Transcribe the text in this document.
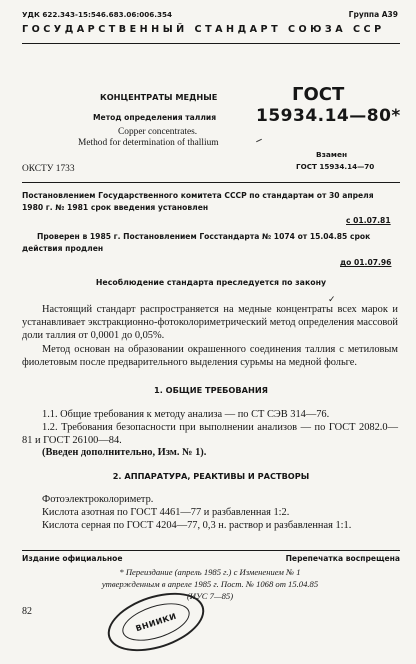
УДК 622.343-15:546.683.06:006.354	Группа А39
ГОСУДАРСТВЕННЫЙ СТАНДАРТ СОЮЗА ССР
КОНЦЕНТРАТЫ МЕДНЫЕ
Метод определения таллия
Copper concentrates.
Method for determination of thallium
ГОСТ
15934.14—80*
Взамен
ГОСТ 15934.14—70
ОКСТУ 1733
Постановлением Государственного комитета СССР по стандартам от 30 апреля
1980 г. № 1981 срок введения установлен
с 01.07.81
Проверен в 1985 г. Постановлением Госстандарта № 1074 от 15.04.85 срок
действия продлен
до 01.07.96
Несоблюдение стандарта преследуется по закону
✓
Настоящий стандарт распространяется на медные концентраты всех марок и устанавливает экстракционно-фотоколориметрический метод определения массовой доли таллия от 0,0001 до 0,05%.
Метод основан на образовании окрашенного соединения таллия с метиловым фиолетовым после предварительного выделения сурьмы на медной фольге.
1. ОБЩИЕ ТРЕБОВАНИЯ
1.1. Общие требования к методу анализа — по СТ СЭВ 314—76.
1.2. Требования безопасности при выполнении анализов — по ГОСТ 2082.0—81 и ГОСТ 26100—84.
(Введен дополнительно, Изм. № 1).
2. АППАРАТУРА, РЕАКТИВЫ И РАСТВОРЫ
Фотоэлектроколориметр.
Кислота азотная по ГОСТ 4461—77 и разбавленная 1:2.
Кислота серная по ГОСТ 4204—77, 0,3 н. раствор и разбавленная 1:1.
Издание официальное	Перепечатка воспрещена
* Переиздание (апрель 1985 г.) с Изменением № 1
утвержденным в апреле 1985 г. Пост. № 1068 от 15.04.85
(ИУС 7—85)
82	ВНИИКИ
